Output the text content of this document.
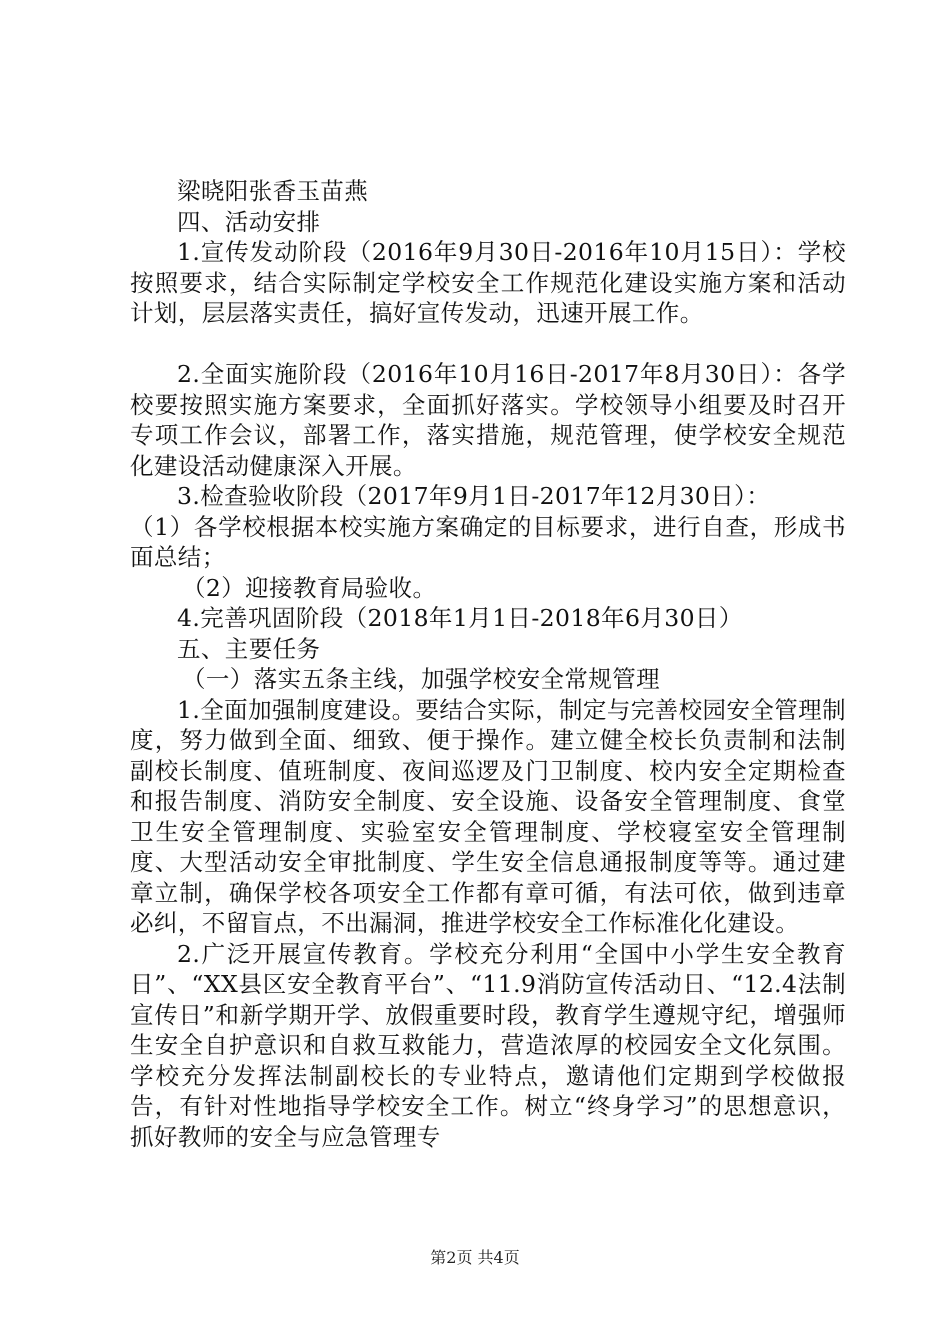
梁晓阳张香玉苗燕

四、活动安排

1.宣传发动阶段（2016年9月30日-2016年10月15日）：学校按照要求，结合实际制定学校安全工作规范化建设实施方案和活动计划，层层落实责任，搞好宣传发动，迅速开展工作。

2.全面实施阶段（2016年10月16日-2017年8月30日）：各学校要按照实施方案要求，全面抓好落实。学校领导小组要及时召开专项工作会议，部署工作，落实措施，规范管理，使学校安全规范化建设活动健康深入开展。

3.检查验收阶段（2017年9月1日-2017年12月30日）：

（1）各学校根据本校实施方案确定的目标要求，进行自查，形成书面总结；

（2）迎接教育局验收。

4.完善巩固阶段（2018年1月1日-2018年6月30日）

五、主要任务

（一）落实五条主线，加强学校安全常规管理

1.全面加强制度建设。要结合实际，制定与完善校园安全管理制度，努力做到全面、细致、便于操作。建立健全校长负责制和法制副校长制度、值班制度、夜间巡逻及门卫制度、校内安全定期检查和报告制度、消防安全制度、安全设施、设备安全管理制度、食堂卫生安全管理制度、实验室安全管理制度、学校寝室安全管理制度、大型活动安全审批制度、学生安全信息通报制度等等。通过建章立制，确保学校各项安全工作都有章可循，有法可依，做到违章必纠，不留盲点，不出漏洞，推进学校安全工作标准化化建设。

2.广泛开展宣传教育。学校充分利用“全国中小学生安全教育日”、“XX县区安全教育平台”、“11.9消防宣传活动日、“12.4法制宣传日”和新学期开学、放假重要时段，教育学生遵规守纪，增强师生安全自护意识和自救互救能力，营造浓厚的校园安全文化氛围。学校充分发挥法制副校长的专业特点，邀请他们定期到学校做报告，有针对性地指导学校安全工作。树立“终身学习”的思想意识，抓好教师的安全与应急管理专

第2页 共4页
